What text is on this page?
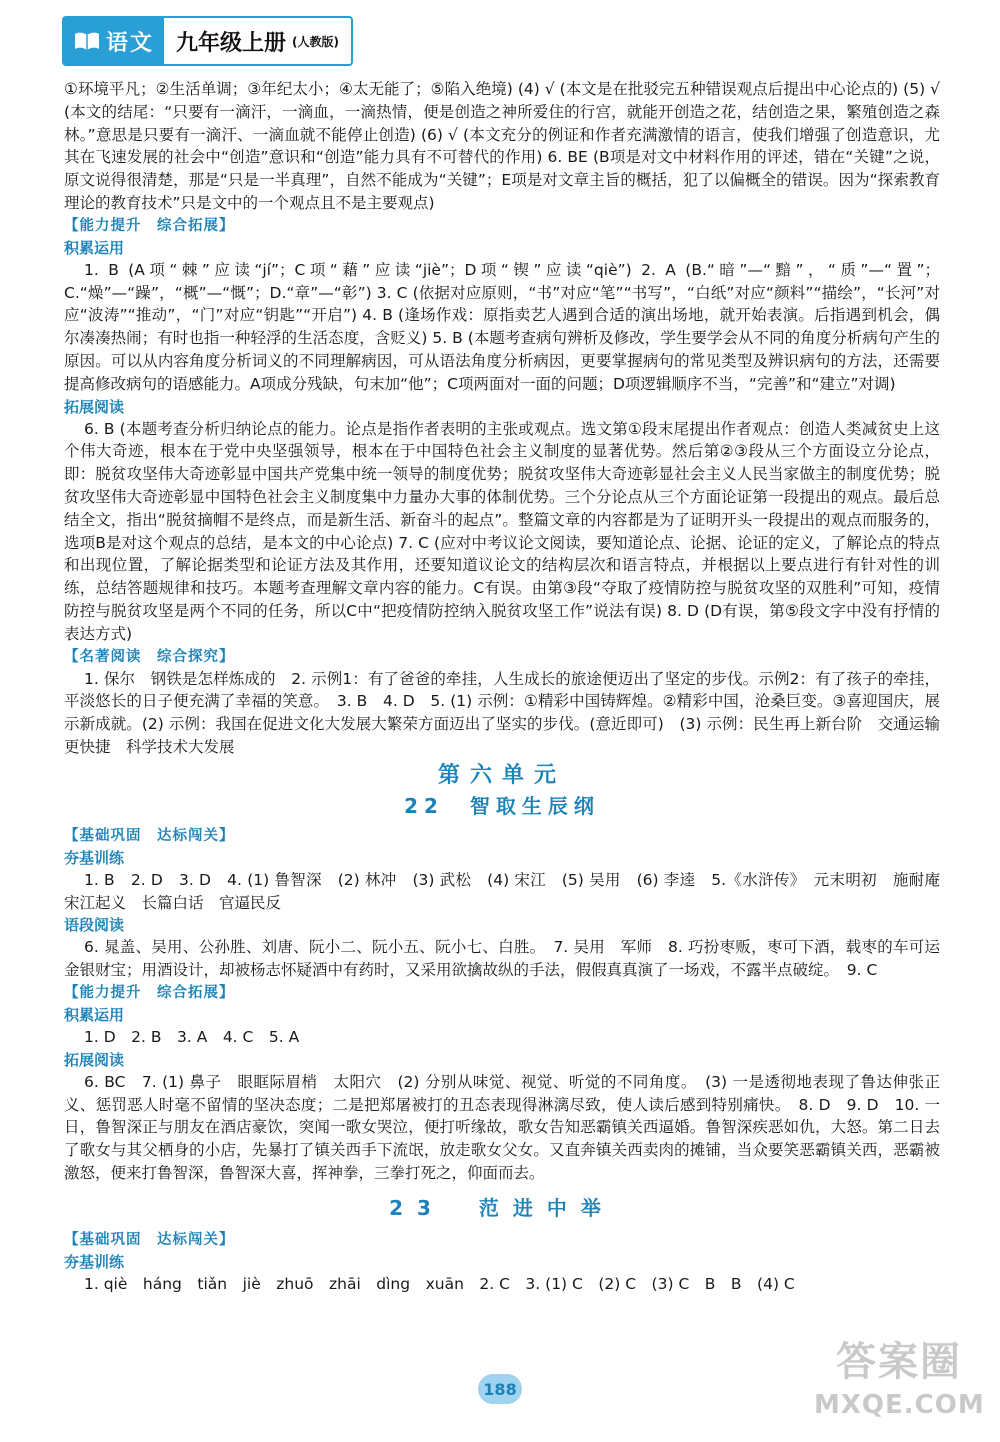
语文 九年级上册 (人教版)

①环境平凡；②生活单调；③年纪太小；④太无能了；⑤陷入绝境) (4) √ (本文是在批驳完五种错误观点后提出中心论点的) (5) √ (本文的结尾：“只要有一滴汗，一滴血，一滴热情，便是创造之神所爱住的行宫，就能开创造之花，结创造之果，繁殖创造之森林。”意思是只要有一滴汗、一滴血就不能停止创造) (6) √ (本文充分的例证和作者充满激情的语言，使我们增强了创造意识，尤其在飞速发展的社会中“创造”意识和“创造”能力具有不可替代的作用) 6. BE (B项是对文中材料作用的评述，错在“关键”之说，原文说得很清楚，那是“只是一半真理”，自然不能成为“关键”；E项是对文章主旨的概括，犯了以偏概全的错误。因为“探索教育理论的教育技术”只是文中的一个观点且不是主要观点)

【能力提升　综合拓展】

积累运用

1. B (A项“棘”应读“jí”；C项“藉”应读“jiè”；D项“锲”应读“qiè”) 2. A (B.“暗”—“黯”，“质”—“置”；C.“燥”—“躁”，“概”—“慨”；D.“章”—“彰”) 3. C (依据对应原则，“书”对应“笔”“书写”，“白纸”对应“颜料”“描绘”，“长河”对应“波涛”“推动”，“门”对应“钥匙”“开启”) 4. B (逢场作戏：原指卖艺人遇到合适的演出场地，就开始表演。后指遇到机会，偶尔凑凑热闹；有时也指一种轻浮的生活态度，含贬义) 5. B (本题考查病句辨析及修改，学生要学会从不同的角度分析病句产生的原因。可以从内容角度分析词义的不同理解病因，可从语法角度分析病因，更要掌握病句的常见类型及辨识病句的方法，还需要提高修改病句的语感能力。A项成分残缺，句末加“他”；C项两面对一面的问题；D项逻辑顺序不当，“完善”和“建立”对调)

拓展阅读

6. B (本题考查分析归纳论点的能力。论点是指作者表明的主张或观点。选文第①段末尾提出作者观点：创造人类减贫史上这个伟大奇迹，根本在于党中央坚强领导，根本在于中国特色社会主义制度的显著优势。然后第②③段从三个方面设立分论点，即：脱贫攻坚伟大奇迹彰显中国共产党集中统一领导的制度优势；脱贫攻坚伟大奇迹彰显社会主义人民当家做主的制度优势；脱贫攻坚伟大奇迹彰显中国特色社会主义制度集中力量办大事的体制优势。三个分论点从三个方面论证第一段提出的观点。最后总结全文，指出“脱贫摘帽不是终点，而是新生活、新奋斗的起点”。整篇文章的内容都是为了证明开头一段提出的观点而服务的，选项B是对这个观点的总结，是本文的中心论点) 7. C (应对中考议论文阅读，要知道论点、论据、论证的定义，了解论点的特点和出现位置，了解论据类型和论证方法及其作用，还要知道议论文的结构层次和语言特点，并根据以上要点进行有针对性的训练，总结答题规律和技巧。本题考查理解文章内容的能力。C有误。由第③段“夺取了疫情防控与脱贫攻坚的双胜利”可知，疫情防控与脱贫攻坚是两个不同的任务，所以C中“把疫情防控纳入脱贫攻坚工作”说法有误) 8. D (D有误，第⑤段文字中没有抒情的表达方式)

【名著阅读　综合探究】

1. 保尔　钢铁是怎样炼成的　2. 示例1：有了爸爸的牵挂，人生成长的旅途便迈出了坚定的步伐。示例2：有了孩子的牵挂，平淡悠长的日子便充满了幸福的笑意。　3. B　4. D　5. (1) 示例：①精彩中国铸辉煌。②精彩中国，沧桑巨变。③喜迎国庆，展示新成就。(2) 示例：我国在促进文化大发展大繁荣方面迈出了坚实的步伐。(意近即可)　(3) 示例：民生再上新台阶　交通运输更快捷　科学技术大发展

第六单元

22　智取生辰纲

【基础巩固　达标闯关】

夯基训练

1. B　2. D　3. D　4. (1) 鲁智深　(2) 林冲　(3) 武松　(4) 宋江　(5) 吴用　(6) 李逵　5.《水浒传》　元末明初　施耐庵　宋江起义　长篇白话　官逼民反

语段阅读

6. 晁盖、吴用、公孙胜、刘唐、阮小二、阮小五、阮小七、白胜。　7. 吴用　军师　8. 巧扮枣贩，枣可下酒，载枣的车可运金银财宝；用酒设计，却被杨志怀疑酒中有药时，又采用欲擒故纵的手法，假假真真演了一场戏，不露半点破绽。　9. C

【能力提升　综合拓展】

积累运用

1. D　2. B　3. A　4. C　5. A

拓展阅读

6. BC　7. (1) 鼻子　眼眶际眉梢　太阳穴　(2) 分别从味觉、视觉、听觉的不同角度。　(3) 一是透彻地表现了鲁达伸张正义、惩罚恶人时毫不留情的坚决态度；二是把郑屠被打的丑态表现得淋漓尽致，使人读后感到特别痛快。　8. D　9. D　10. 一日，鲁智深正与朋友在酒店豪饮，突闻一歌女哭泣，便打听缘故，歌女告知恶霸镇关西逼婚。鲁智深疾恶如仇，大怒。第二日去了歌女与其父栖身的小店，先暴打了镇关西手下流氓，放走歌女父女。又直奔镇关西卖肉的摊铺，当众要笑恶霸镇关西，恶霸被激怒，便来打鲁智深，鲁智深大喜，挥神拳，三拳打死之，仰面而去。

23　范进中举

【基础巩固　达标闯关】

夯基训练

1. qiè　háng　tiǎn　jiè　zhuō　zhāi　dìng　xuān　2. C　3. (1) C　(2) C　(3) C　B　B　(4) C

188
答案圈
MXQE.COM
